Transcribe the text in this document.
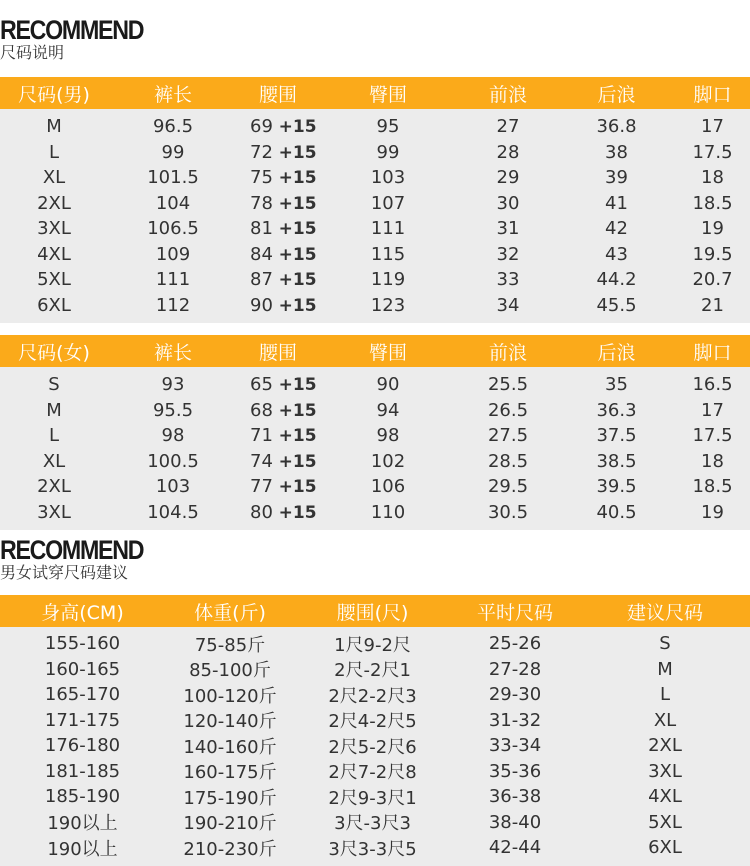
RECOMMEND
尺码说明
尺码(男)	裤长	腰围	臀围	前浪	后浪	脚口
M	96.5	69 +15	95	27	36.8	17
L	99	72 +15	99	28	38	17.5
XL	101.5	75 +15	103	29	39	18
2XL	104	78 +15	107	30	41	18.5
3XL	106.5	81 +15	111	31	42	19
4XL	109	84 +15	115	32	43	19.5
5XL	111	87 +15	119	33	44.2	20.7
6XL	112	90 +15	123	34	45.5	21
尺码(女)	裤长	腰围	臀围	前浪	后浪	脚口
S	93	65 +15	90	25.5	35	16.5
M	95.5	68 +15	94	26.5	36.3	17
L	98	71 +15	98	27.5	37.5	17.5
XL	100.5	74 +15	102	28.5	38.5	18
2XL	103	77 +15	106	29.5	39.5	18.5
3XL	104.5	80 +15	110	30.5	40.5	19
RECOMMEND
男女试穿尺码建议
身高(CM)	体重(斤)	腰围(尺)	平时尺码	建议尺码
155-160	75-85斤	1尺9-2尺	25-26	S
160-165	85-100斤	2尺-2尺1	27-28	M
165-170	100-120斤	2尺2-2尺3	29-30	L
171-175	120-140斤	2尺4-2尺5	31-32	XL
176-180	140-160斤	2尺5-2尺6	33-34	2XL
181-185	160-175斤	2尺7-2尺8	35-36	3XL
185-190	175-190斤	2尺9-3尺1	36-38	4XL
190以上	190-210斤	3尺-3尺3	38-40	5XL
190以上	210-230斤	3尺3-3尺5	42-44	6XL
